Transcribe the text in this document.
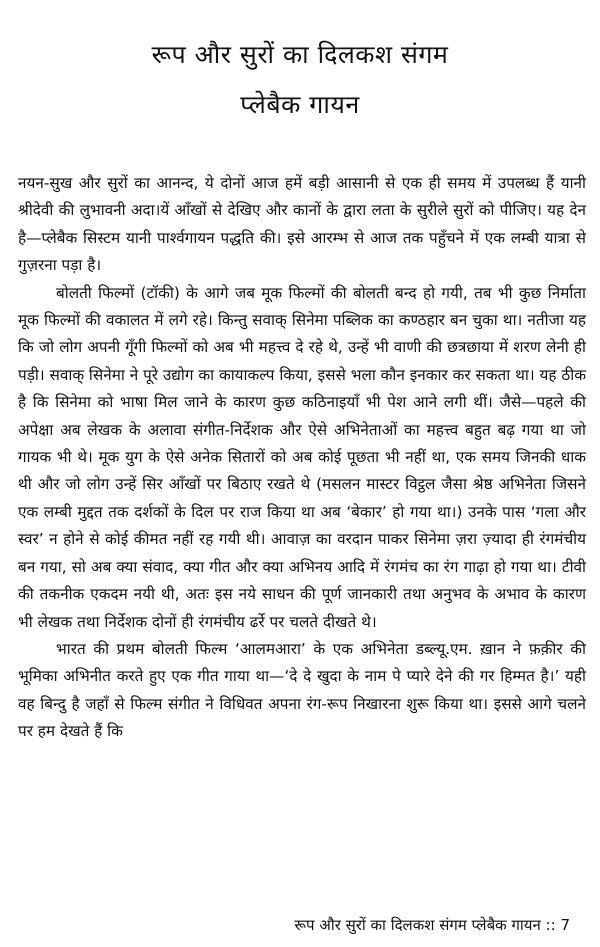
रूप और सुरों का दिलकश संगम
प्लेबैक गायन

नयन-सुख और सुरों का आनन्द, ये दोनों आज हमें बड़ी आसानी से एक ही समय में उपलब्ध हैं यानी श्रीदेवी की लुभावनी अदा।यें आँखों से देखिए और कानों के द्वारा लता के सुरीले सुरों को पीजिए। यह देन है—प्लेबैक सिस्टम यानी पार्श्वगायन पद्धति की। इसे आरम्भ से आज तक पहुँचने में एक लम्बी यात्रा से गुज़रना पड़ा है।

बोलती फिल्मों (टॉकी) के आगे जब मूक फिल्मों की बोलती बन्द हो गयी, तब भी कुछ निर्माता मूक फिल्मों की वकालत में लगे रहे। किन्तु सवाक् सिनेमा पब्लिक का कण्ठहार बन चुका था। नतीजा यह कि जो लोग अपनी गूँगी फिल्मों को अब भी महत्त्व दे रहे थे, उन्हें भी वाणी की छत्रछाया में शरण लेनी ही पड़ी। सवाक् सिनेमा ने पूरे उद्योग का कायाकल्प किया, इससे भला कौन इनकार कर सकता था। यह ठीक है कि सिनेमा को भाषा मिल जाने के कारण कुछ कठिनाइयाँ भी पेश आने लगी थीं। जैसे—पहले की अपेक्षा अब लेखक के अलावा संगीत-निर्देशक और ऐसे अभिनेताओं का महत्त्व बहुत बढ़ गया था जो गायक भी थे। मूक युग के ऐसे अनेक सितारों को अब कोई पूछता भी नहीं था, एक समय जिनकी धाक थी और जो लोग उन्हें सिर आँखों पर बिठाए रखते थे (मसलन मास्टर विट्ठल जैसा श्रेष्ठ अभिनेता जिसने एक लम्बी मुद्दत तक दर्शकों के दिल पर राज किया था अब ‘बेकार’ हो गया था।) उनके पास ‘गला और स्वर’ न होने से कोई कीमत नहीं रह गयी थी। आवाज़ का वरदान पाकर सिनेमा ज़रा ज़्यादा ही रंगमंचीय बन गया, सो अब क्या संवाद, क्या गीत और क्या अभिनय आदि में रंगमंच का रंग गाढ़ा हो गया था। टीवी की तकनीक एकदम नयी थी, अतः इस नये साधन की पूर्ण जानकारी तथा अनुभव के अभाव के कारण भी लेखक तथा निर्देशक दोनों ही रंगमंचीय ढर्रे पर चलते दीखते थे।

भारत की प्रथम बोलती फिल्म ‘आलमआरा’ के एक अभिनेता डब्ल्यू.एम. ख़ान ने फ़क़ीर की भूमिका अभिनीत करते हुए एक गीत गाया था—‘दे दे खुदा के नाम पे प्यारे देने की गर हिम्मत है।’ यही वह बिन्दु है जहाँ से फिल्म संगीत ने विधिवत अपना रंग-रूप निखारना शुरू किया था। इससे आगे चलने पर हम देखते हैं कि

रूप और सुरों का दिलकश संगम प्लेबैक गायन :: 7
